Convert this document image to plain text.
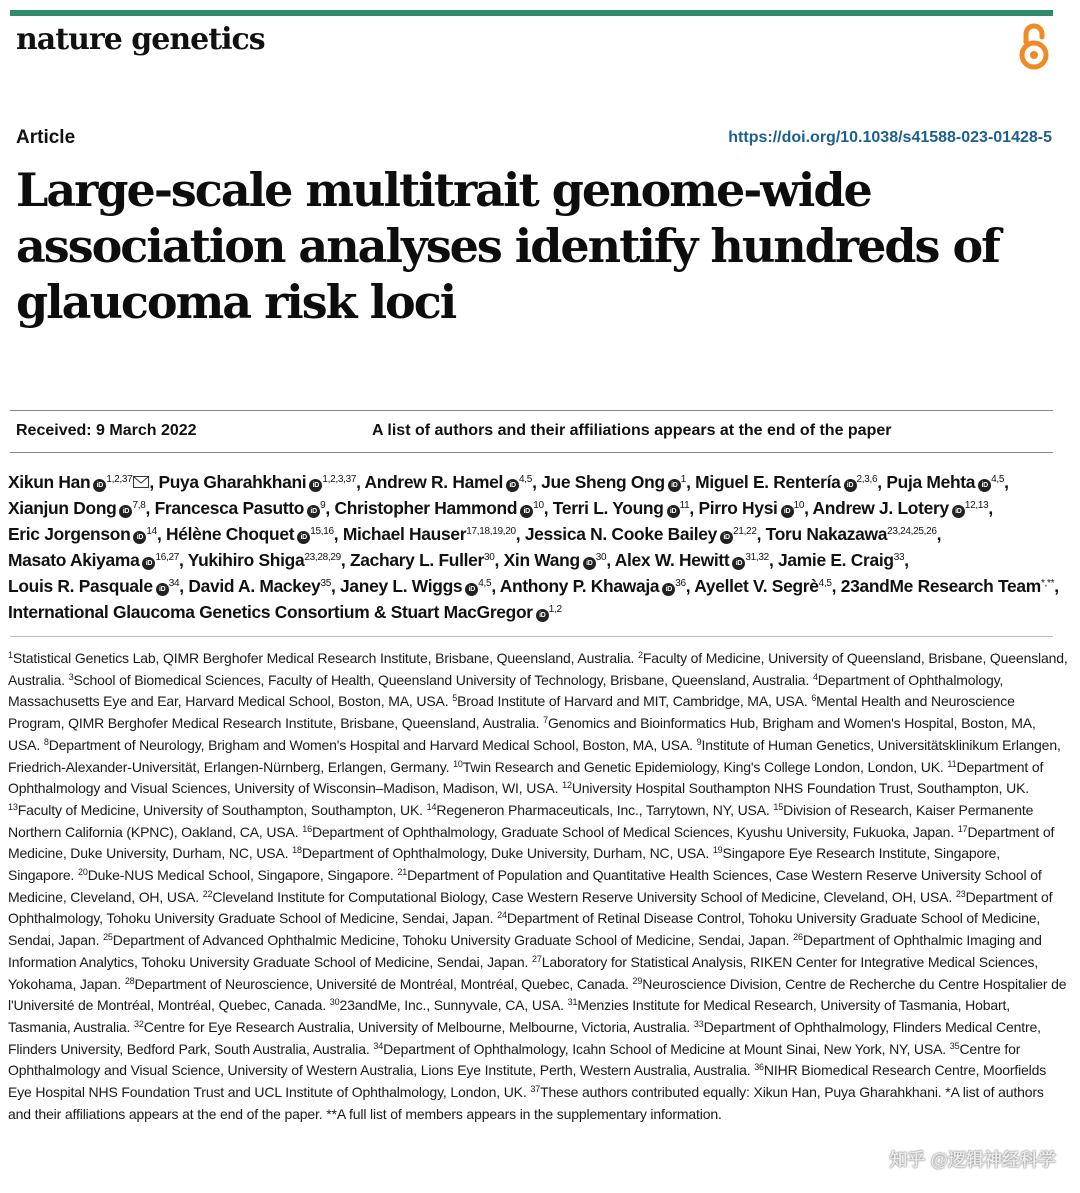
nature genetics
Article	https://doi.org/10.1038/s41588-023-01428-5
Large-scale multitrait genome-wide association analyses identify hundreds of glaucoma risk loci
Received: 9 March 2022	A list of authors and their affiliations appears at the end of the paper
Xikun Han iD$^{1,2,37}$ , Puya Gharahkhani iD$^{1,2,3,37}$, Andrew R. Hamel iD$^{4,5}$, Jue Sheng Ong $iD^1$, Miguel E. Rentería iD$^{2,3,6}$, Puja Mehta iD$^{4,5}$, Xianjun Dong iD$^{7,8}$, Francesca Pasutto $iD^9$, Christopher Hammond $iD^{10}$, Terri L. Young $iD^{11}$, Pirro Hysi $iD^{10}$, Andrew J. Lotery iD$^{12,13}$, Eric Jorgenson $iD^{14}$, Hélène Choquet iD$^{15,16}$, Michael Hauser$^{17,18,19,20}$, Jessica N. Cooke Bailey iD$^{21,22}$, Toru Nakazawa$^{23,24,25,26}$, Masato Akiyama iD$^{16,27}$, Yukihiro Shiga$^{23,28,29}$, Zachary L. Fuller$^{30}$, Xin Wang $iD^{30}$, Alex W. Hewitt iD$^{31,32}$, Jamie E. Craig$^{33}$, Louis R. Pasquale $iD^{34}$, David A. Mackey$^{35}$, Janey L. Wiggs iD$^{4,5}$, Anthony P. Khawaja $iD^{36}$, Ayellet V. Segrè$^{4,5}$, 23andMe Research Team*,**, International Glaucoma Genetics Consortium & Stuart MacGregor iD$^{1,2}$
$^1$Statistical Genetics Lab, QIMR Berghofer Medical Research Institute, Brisbane, Queensland, Australia. $^2$Faculty of Medicine, University of Queensland, Brisbane, Queensland, Australia. $^3$School of Biomedical Sciences, Faculty of Health, Queensland University of Technology, Brisbane, Queensland, Australia. $^4$Department of Ophthalmology, Massachusetts Eye and Ear, Harvard Medical School, Boston, MA, USA. $^5$Broad Institute of Harvard and MIT, Cambridge, MA, USA. $^6$Mental Health and Neuroscience Program, QIMR Berghofer Medical Research Institute, Brisbane, Queensland, Australia. $^7$Genomics and Bioinformatics Hub, Brigham and Women's Hospital, Boston, MA, USA. $^8$Department of Neurology, Brigham and Women's Hospital and Harvard Medical School, Boston, MA, USA. $^9$Institute of Human Genetics, Universitätsklinikum Erlangen, Friedrich-Alexander-Universität, Erlangen-Nürnberg, Erlangen, Germany. $^{10}$Twin Research and Genetic Epidemiology, King's College London, London, UK. $^{11}$Department of Ophthalmology and Visual Sciences, University of Wisconsin–Madison, Madison, WI, USA. $^{12}$University Hospital Southampton NHS Foundation Trust, Southampton, UK. $^{13}$Faculty of Medicine, University of Southampton, Southampton, UK. $^{14}$Regeneron Pharmaceuticals, Inc., Tarrytown, NY, USA. $^{15}$Division of Research, Kaiser Permanente Northern California (KPNC), Oakland, CA, USA. $^{16}$Department of Ophthalmology, Graduate School of Medical Sciences, Kyushu University, Fukuoka, Japan. $^{17}$Department of Medicine, Duke University, Durham, NC, USA. $^{18}$Department of Ophthalmology, Duke University, Durham, NC, USA. $^{19}$Singapore Eye Research Institute, Singapore, Singapore. $^{20}$Duke-NUS Medical School, Singapore, Singapore. $^{21}$Department of Population and Quantitative Health Sciences, Case Western Reserve University School of Medicine, Cleveland, OH, USA. $^{22}$Cleveland Institute for Computational Biology, Case Western Reserve University School of Medicine, Cleveland, OH, USA. $^{23}$Department of Ophthalmology, Tohoku University Graduate School of Medicine, Sendai, Japan. $^{24}$Department of Retinal Disease Control, Tohoku University Graduate School of Medicine, Sendai, Japan. $^{25}$Department of Advanced Ophthalmic Medicine, Tohoku University Graduate School of Medicine, Sendai, Japan. $^{26}$Department of Ophthalmic Imaging and Information Analytics, Tohoku University Graduate School of Medicine, Sendai, Japan. $^{27}$Laboratory for Statistical Analysis, RIKEN Center for Integrative Medical Sciences, Yokohama, Japan. $^{28}$Department of Neuroscience, Université de Montréal, Montréal, Quebec, Canada. $^{29}$Neuroscience Division, Centre de Recherche du Centre Hospitalier de l'Université de Montréal, Montréal, Quebec, Canada. $^{30}$23andMe, Inc., Sunnyvale, CA, USA. $^{31}$Menzies Institute for Medical Research, University of Tasmania, Hobart, Tasmania, Australia. $^{32}$Centre for Eye Research Australia, University of Melbourne, Melbourne, Victoria, Australia. $^{33}$Department of Ophthalmology, Flinders Medical Centre, Flinders University, Bedford Park, South Australia, Australia. $^{34}$Department of Ophthalmology, Icahn School of Medicine at Mount Sinai, New York, NY, USA. $^{35}$Centre for Ophthalmology and Visual Science, University of Western Australia, Lions Eye Institute, Perth, Western Australia, Australia. $^{36}$NIHR Biomedical Research Centre, Moorfields Eye Hospital NHS Foundation Trust and UCL Institute of Ophthalmology, London, UK. $^{37}$These authors contributed equally: Xikun Han, Puya Gharahkhani. *A list of authors and their affiliations appears at the end of the paper. **A full list of members appears in the supplementary information.
知乎 @逻辑神经科学
